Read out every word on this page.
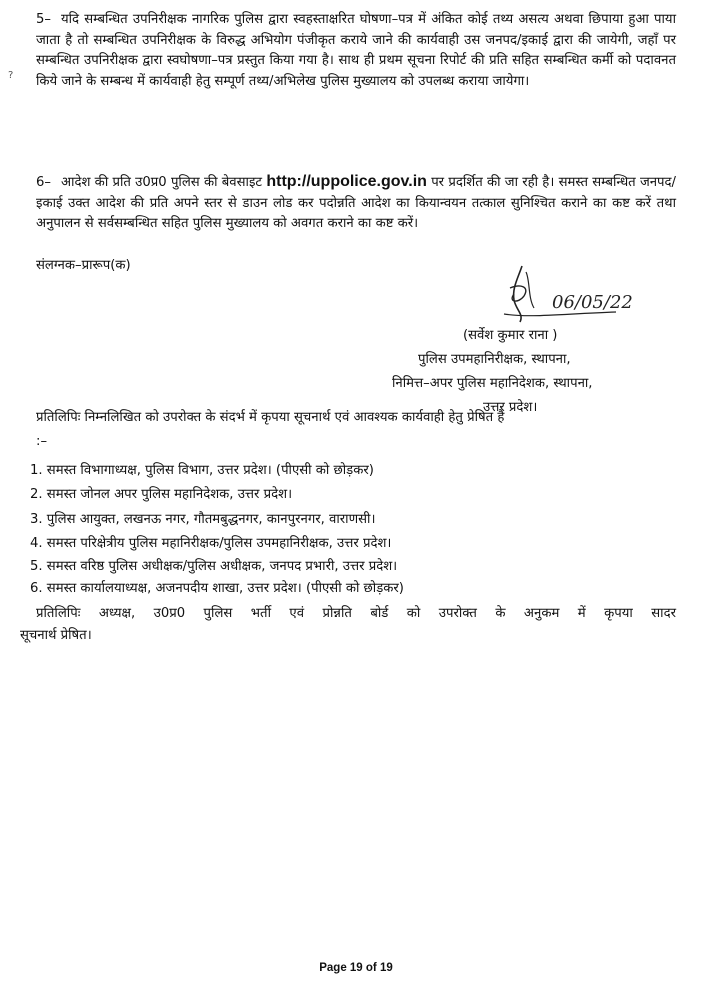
?
5– यदि सम्बन्धित उपनिरीक्षक नागरिक पुलिस द्वारा स्वहस्ताक्षरित घोषणा–पत्र में अंकित कोई तथ्य असत्य अथवा छिपाया हुआ पाया जाता है तो सम्बन्धित उपनिरीक्षक के विरुद्ध अभियोग पंजीकृत कराये जाने की कार्यवाही उस जनपद/इकाई द्वारा की जायेगी, जहाँ पर सम्बन्धित उपनिरीक्षक द्वारा स्वघोषणा–पत्र प्रस्तुत किया गया है। साथ ही प्रथम सूचना रिपोर्ट की प्रति सहित सम्बन्धित कर्मी को पदावनत किये जाने के सम्बन्ध में कार्यवाही हेतु सम्पूर्ण तथ्य/अभिलेख पुलिस मुख्यालय को उपलब्ध कराया जायेगा।
6– आदेश की प्रति उ0प्र0 पुलिस की बेवसाइट http://uppolice.gov.in पर प्रदर्शित की जा रही है। समस्त सम्बन्धित जनपद/इकाई उक्त आदेश की प्रति अपने स्तर से डाउन लोड कर पदोन्नति आदेश का कियान्वयन तत्काल सुनिश्चित कराने का कष्ट करें तथा अनुपालन से सर्वसम्बन्धित सहित पुलिस मुख्यालय को अवगत कराने का कष्ट करें।
संलग्नक–प्रारूप(क)
06/05/22
(सर्वेश कुमार राना )
पुलिस उपमहानिरीक्षक, स्थापना,
निमित्त–अपर पुलिस महानिदेशक, स्थापना,
उत्तर प्रदेश।
प्रतिलिपिः निम्नलिखित को उपरोक्त के संदर्भ में कृपया सूचनार्थ एवं आवश्यक कार्यवाही हेतु प्रेषित है
:–
1. समस्त विभागाध्यक्ष, पुलिस विभाग, उत्तर प्रदेश। (पीएसी को छोड़कर)
2. समस्त जोनल अपर पुलिस महानिदेशक, उत्तर प्रदेश।
3. पुलिस आयुक्त, लखनऊ नगर, गौतमबुद्धनगर, कानपुरनगर, वाराणसी।
4. समस्त परिक्षेत्रीय पुलिस महानिरीक्षक/पुलिस उपमहानिरीक्षक, उत्तर प्रदेश।
5. समस्त वरिष्ठ पुलिस अधीक्षक/पुलिस अधीक्षक, जनपद प्रभारी, उत्तर प्रदेश।
6. समस्त कार्यालयाध्यक्ष, अजनपदीय शाखा, उत्तर प्रदेश। (पीएसी को छोड़कर)
प्रतिलिपिः अध्यक्ष, उ0प्र0 पुलिस भर्ती एवं प्रोन्नति बोर्ड को उपरोक्त के अनुकम में कृपया सादर
सूचनार्थ प्रेषित।
Page 19 of 19
